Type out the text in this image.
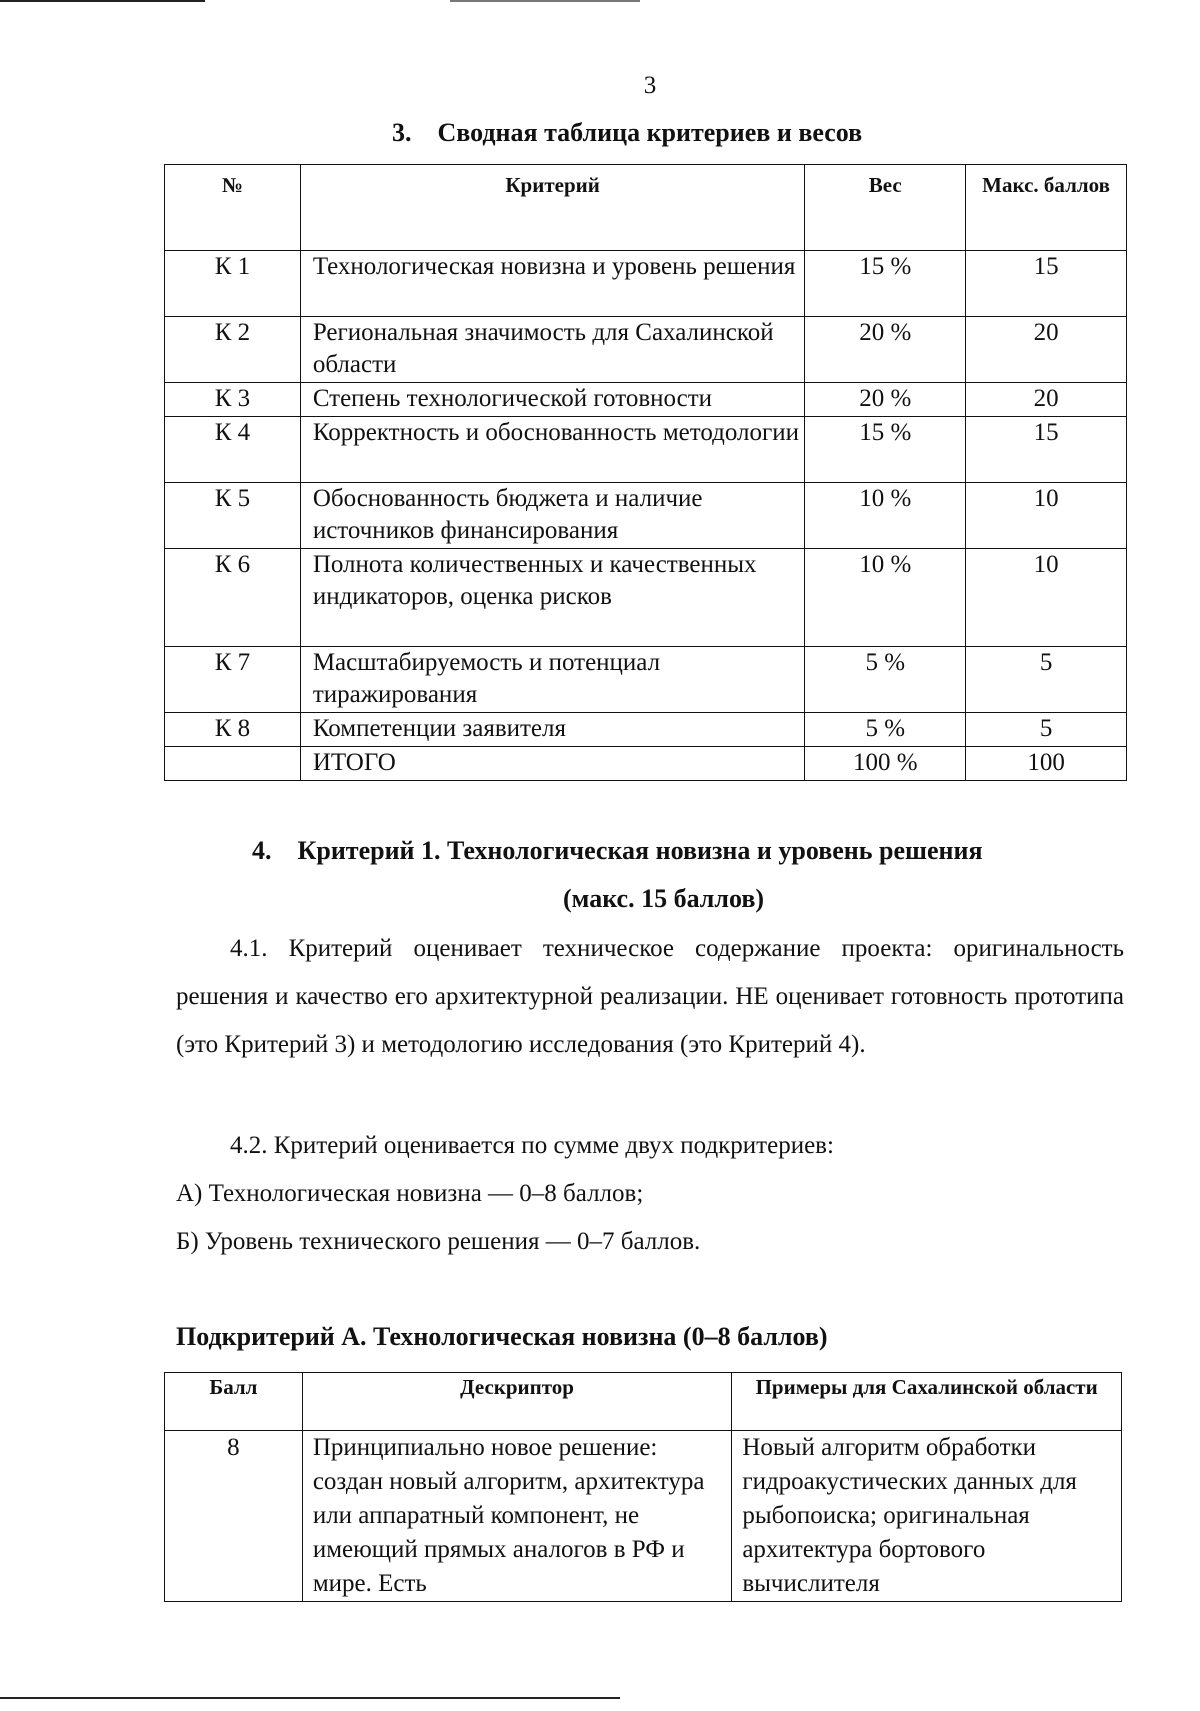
3
3. Сводная таблица критериев и весов
№	Критерий	Вес	Макс. баллов
К 1	Технологическая новизна и уровень решения	15 %	15
К 2	Региональная значимость для Сахалинской области	20 %	20
К 3	Степень технологической готовности	20 %	20
К 4	Корректность и обоснованность методологии	15 %	15
К 5	Обоснованность бюджета и наличие источников финансирования	10 %	10
К 6	Полнота количественных и качественных индикаторов, оценка рисков	10 %	10
К 7	Масштабируемость и потенциал тиражирования	5 %	5
К 8	Компетенции заявителя	5 %	5
	ИТОГО	100 %	100
4. Критерий 1. Технологическая новизна и уровень решения
(макс. 15 баллов)
4.1. Критерий оценивает техническое содержание проекта: оригинальность решения и качество его архитектурной реализации. НЕ оценивает готовность прототипа (это Критерий 3) и методологию исследования (это Критерий 4).
4.2. Критерий оценивается по сумме двух подкритериев:
А) Технологическая новизна — 0–8 баллов;
Б) Уровень технического решения — 0–7 баллов.
Подкритерий А. Технологическая новизна (0–8 баллов)
Балл	Дескриптор	Примеры для Сахалинской области
8	Принципиально новое решение: создан новый алгоритм, архитектура или аппаратный компонент, не имеющий прямых аналогов в РФ и мире. Есть	Новый алгоритм обработки гидроакустических данных для рыбопоиска; оригинальная архитектура бортового вычислителя
